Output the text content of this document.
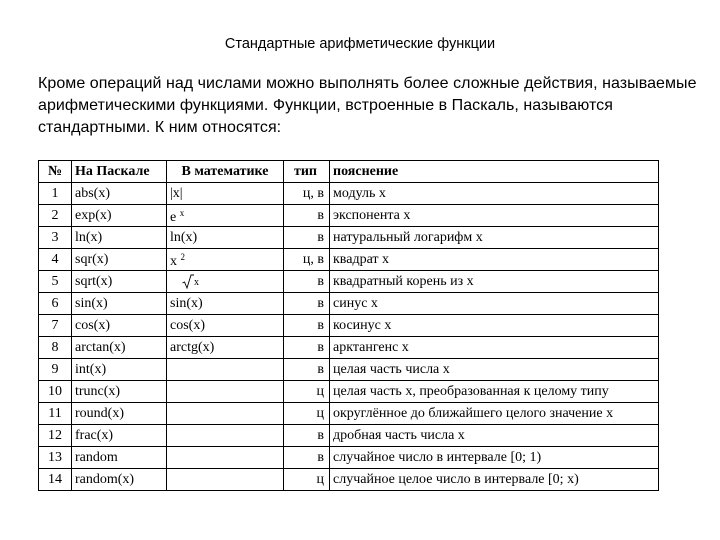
Стандартные арифметические функции
Кроме операций над числами можно выполнять более сложные действия, называемые арифметическими функциями. Функции, встроенные в Паскаль, называются стандартными. К ним относятся:
№	На Паскале	В математике	тип	пояснение
1	abs(x)	|x|	ц, в	модуль x
2	exp(x)	e $^x$	в	экспонента x
3	ln(x)	ln(x)	в	натуральный логарифм x
4	sqr(x)	x $^2$	ц, в	квадрат x
5	sqrt(x)	x	в	квадратный корень из x
6	sin(x)	sin(x)	в	синус x
7	cos(x)	cos(x)	в	косинус x
8	arctan(x)	arctg(x)	в	арктангенс x
9	int(x)		в	целая часть числа x
10	trunc(x)		ц	целая часть x, преобразованная к целому типу
11	round(x)		ц	округлённое до ближайшего целого значение x
12	frac(x)		в	дробная часть числа x
13	random		в	случайное число в интервале [0; 1)
14	random(x)		ц	случайное целое число в интервале [0; x)
